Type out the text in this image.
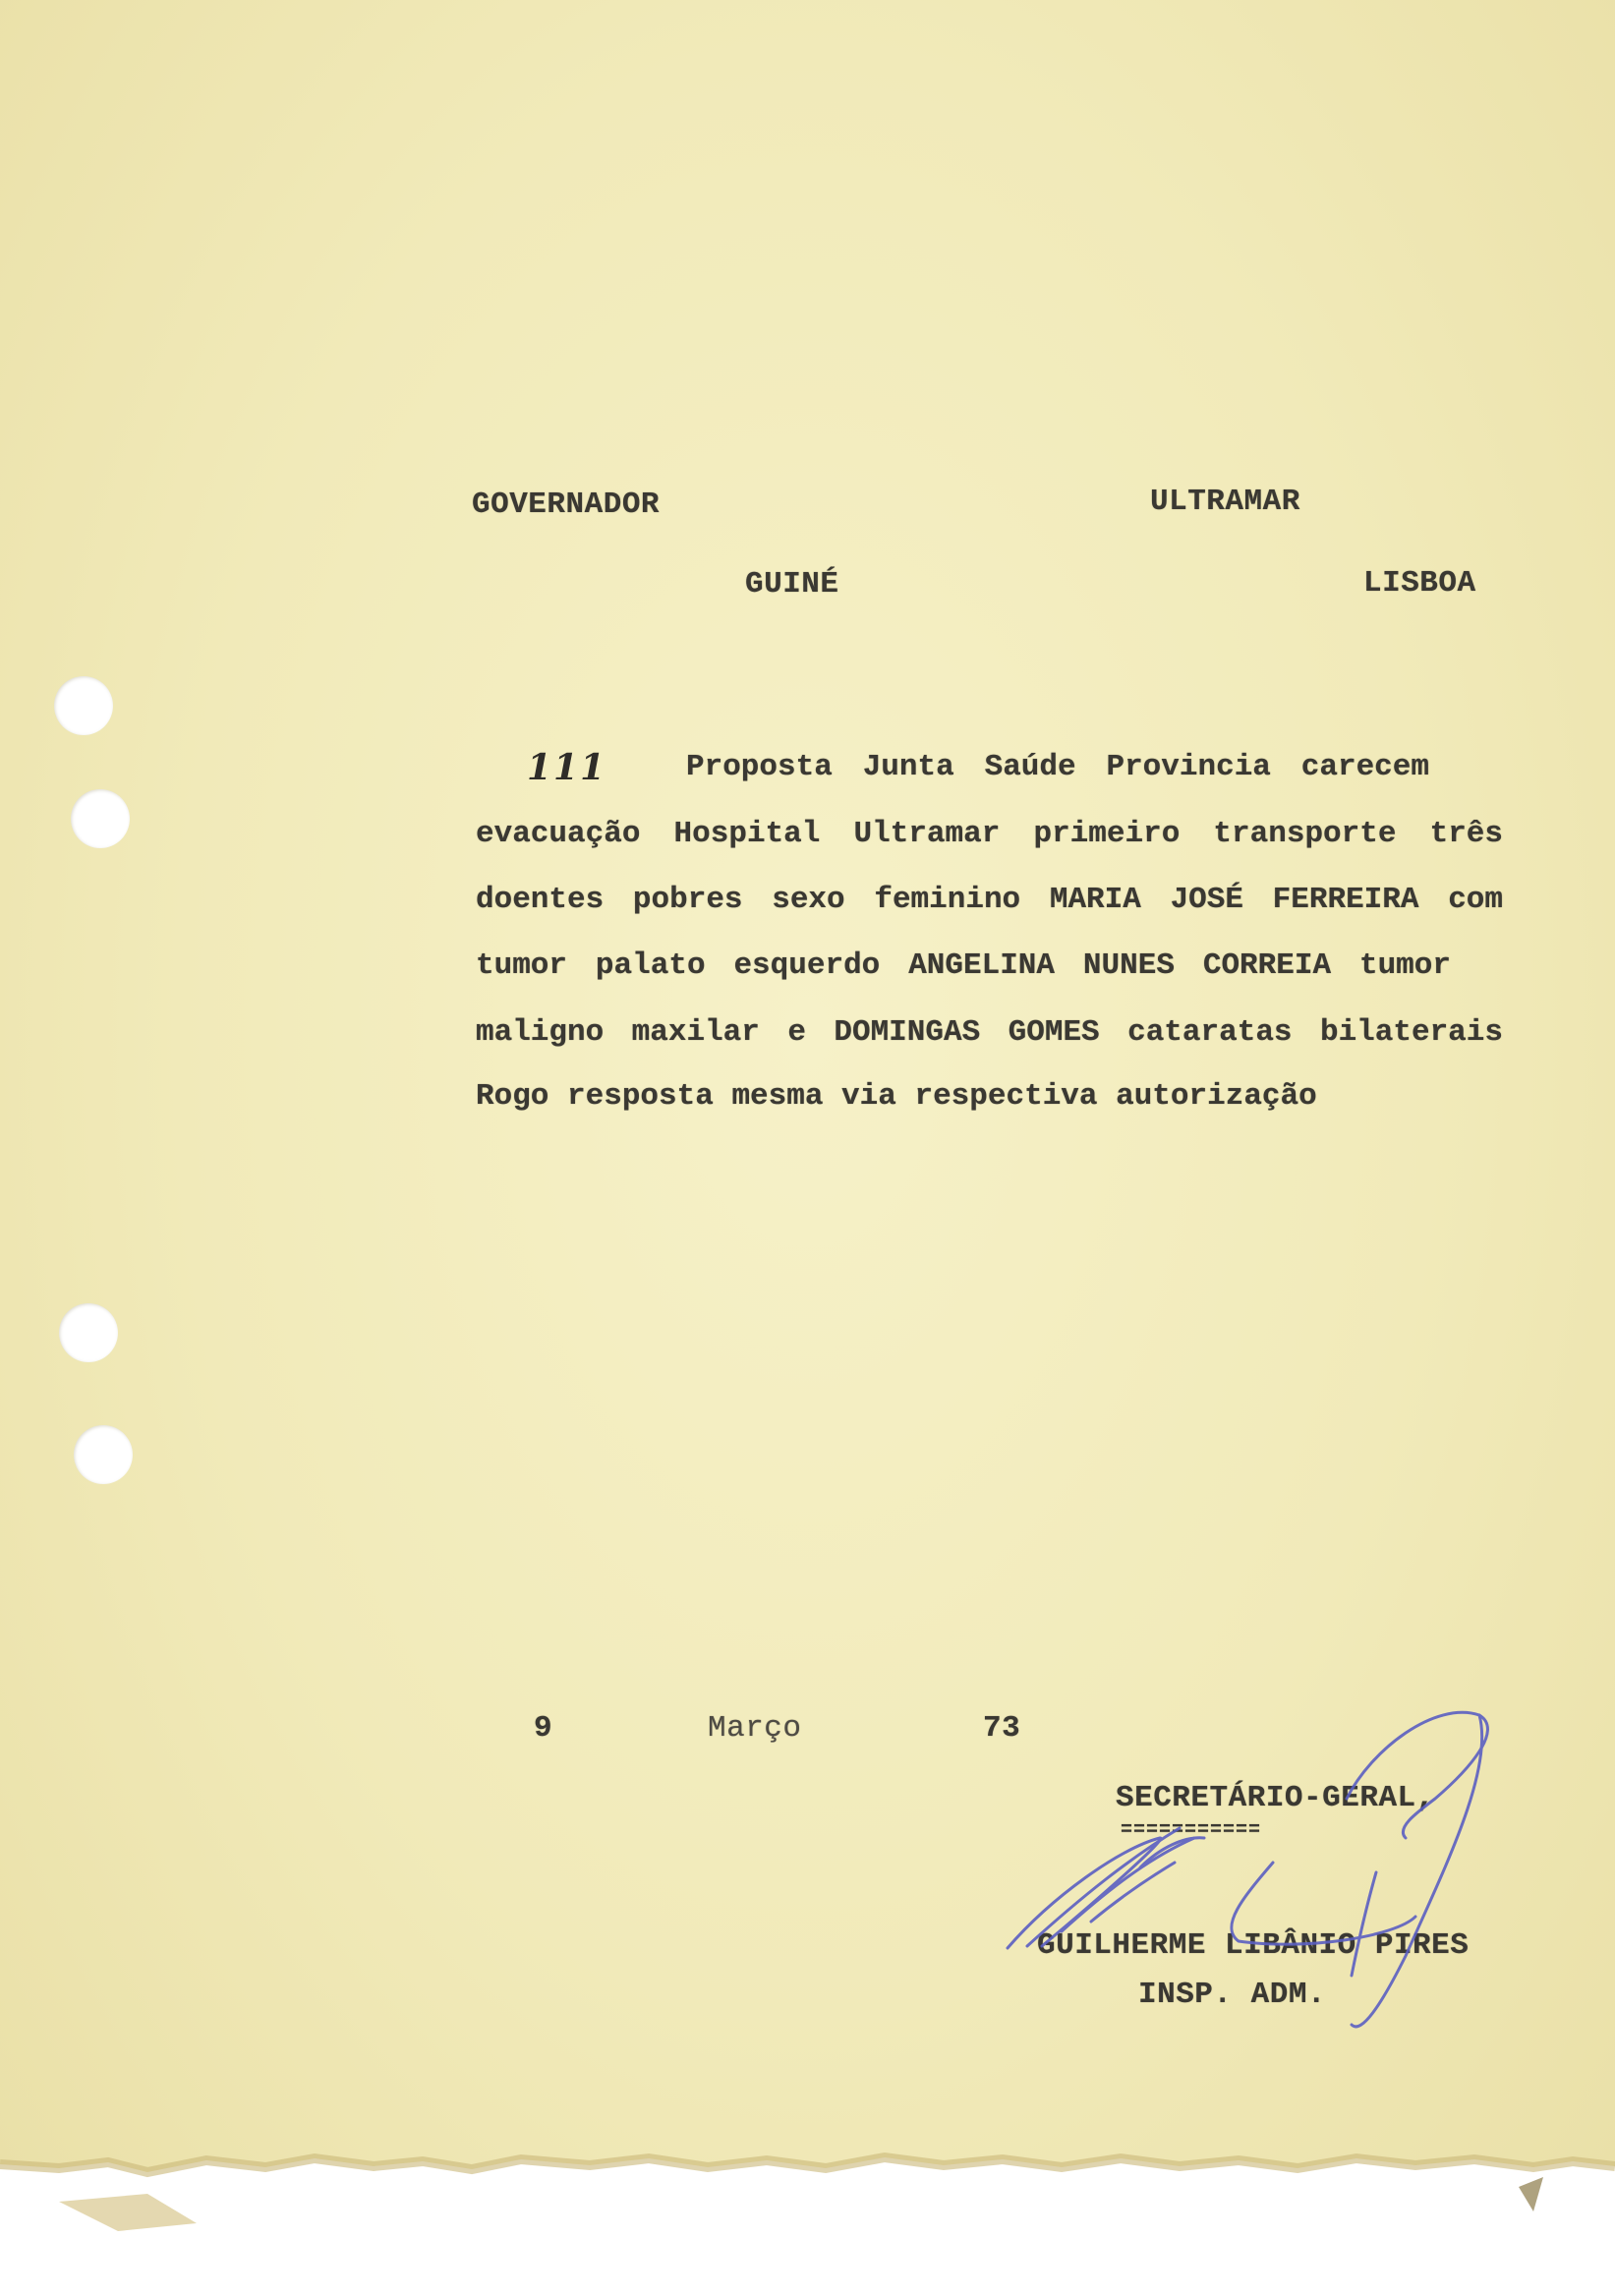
GOVERNADOR
GUINÉ
ULTRAMAR
LISBOA
111	Proposta Junta Saúde Provincia carecem
evacuação Hospital Ultramar primeiro transporte três
doentes pobres sexo feminino MARIA JOSÉ FERREIRA com
tumor palato esquerdo ANGELINA NUNES CORREIA tumor
maligno maxilar e DOMINGAS GOMES cataratas bilaterais
Rogo resposta mesma via respectiva autorização
9	Março	73
SECRETÁRIO-GERAL,
===========
GUILHERME LIBÂNIO PIRES
INSP. ADM.
